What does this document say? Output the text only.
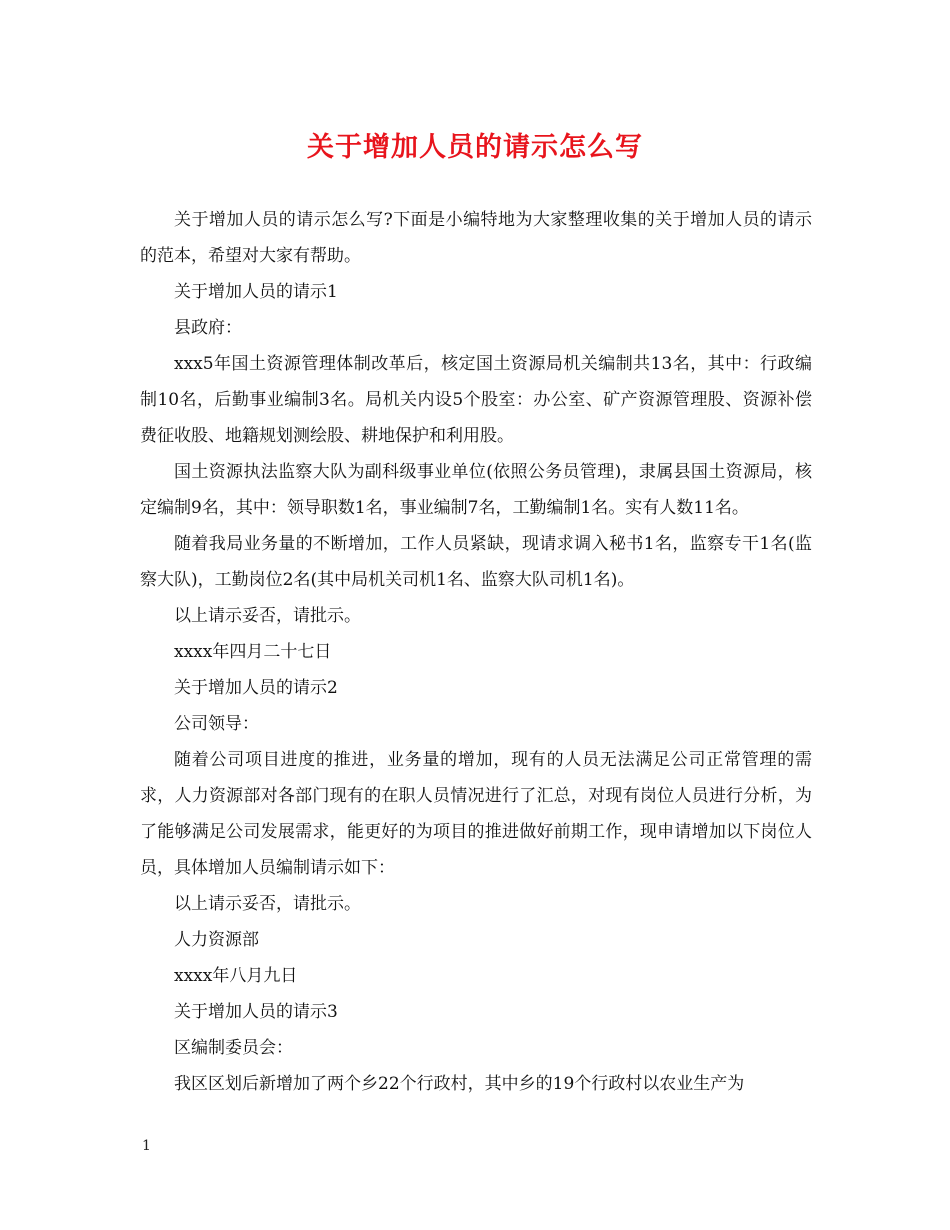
关于增加人员的请示怎么写

关于增加人员的请示怎么写?下面是小编特地为大家整理收集的关于增加人员的请示的范本，希望对大家有帮助。

关于增加人员的请示1

县政府：

xxx5年国土资源管理体制改革后，核定国土资源局机关编制共13名，其中：行政编制10名，后勤事业编制3名。局机关内设5个股室：办公室、矿产资源管理股、资源补偿费征收股、地籍规划测绘股、耕地保护和利用股。

国土资源执法监察大队为副科级事业单位(依照公务员管理)，隶属县国土资源局，核定编制9名，其中：领导职数1名，事业编制7名，工勤编制1名。实有人数11名。

随着我局业务量的不断增加，工作人员紧缺，现请求调入秘书1名，监察专干1名(监察大队)，工勤岗位2名(其中局机关司机1名、监察大队司机1名)。

以上请示妥否，请批示。

xxxx年四月二十七日

关于增加人员的请示2

公司领导：

随着公司项目进度的推进，业务量的增加，现有的人员无法满足公司正常管理的需求，人力资源部对各部门现有的在职人员情况进行了汇总，对现有岗位人员进行分析，为了能够满足公司发展需求，能更好的为项目的推进做好前期工作，现申请增加以下岗位人员，具体增加人员编制请示如下：

以上请示妥否，请批示。

人力资源部

xxxx年八月九日

关于增加人员的请示3

区编制委员会：

我区区划后新增加了两个乡22个行政村，其中乡的19个行政村以农业生产为

1
